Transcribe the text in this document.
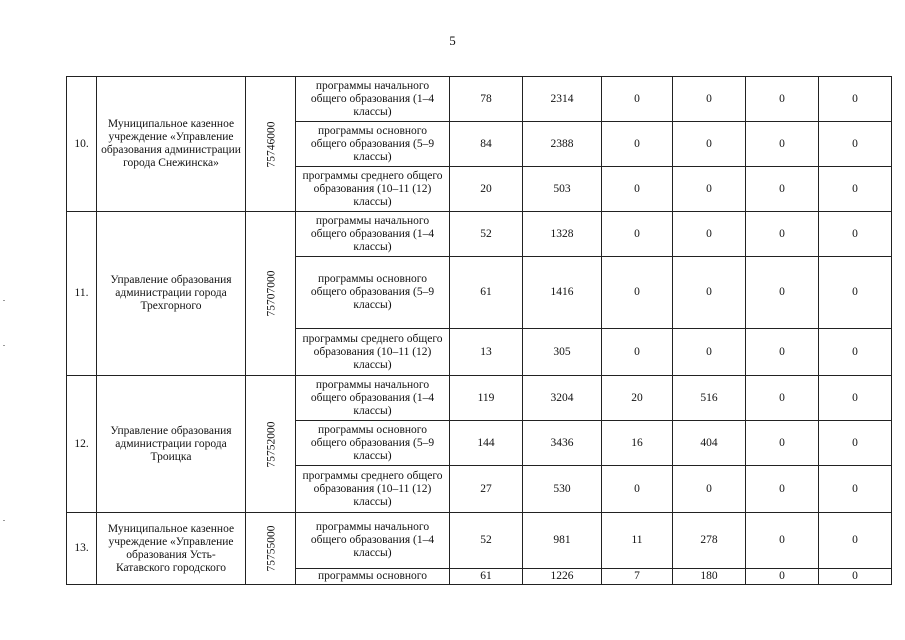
5
10.	Муниципальное казенное учреждение «Управление образования администрации города Снежинска»	75746000	программы начального общего образования (1–4 классы)	78	2314	0	0	0	0
			программы основного общего образования (5–9 классы)	84	2388	0	0	0	0
			программы среднего общего образования (10–11 (12) классы)	20	503	0	0	0	0
11.	Управление образования администрации города Трехгорного	75707000	программы начального общего образования (1–4 классы)	52	1328	0	0	0	0
			программы основного общего образования (5–9 классы)	61	1416	0	0	0	0
			программы среднего общего образования (10–11 (12) классы)	13	305	0	0	0	0
12.	Управление образования администрации города Троицка	75752000	программы начального общего образования (1–4 классы)	119	3204	20	516	0	0
			программы основного общего образования (5–9 классы)	144	3436	16	404	0	0
			программы среднего общего образования (10–11 (12) классы)	27	530	0	0	0	0
13.	Муниципальное казенное учреждение «Управление образования Усть-Катавского городского	75755000	программы начального общего образования (1–4 классы)	52	981	11	278	0	0
			программы основного	61	1226	7	180	0	0
